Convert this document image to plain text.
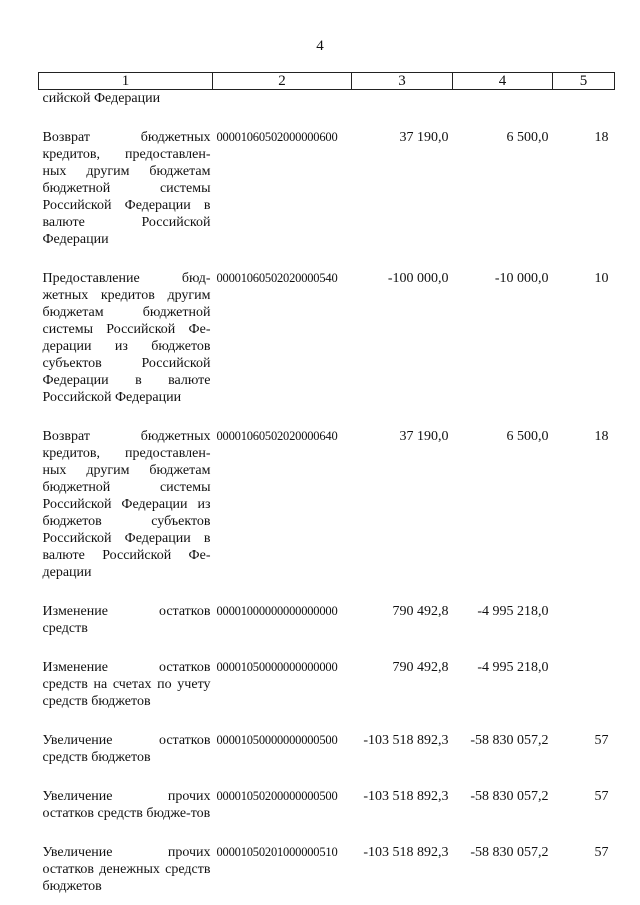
4
1	2	3	4	5
сийской Федерации				

Возврат бюджетных кредитов, предоставлен-ных другим бюджетам бюджетной системы Российской Федерации в валюте Российской Федерации	00001060502000000600	37 190,0	6 500,0	18

Предоставление бюд-жетных кредитов другим бюджетам бюджетной системы Российской Фе-дерации из бюджетов субъектов Российской Федерации в валюте Российской Федерации	00001060502020000540	-100 000,0	-10 000,0	10

Возврат бюджетных кредитов, предоставлен-ных другим бюджетам бюджетной системы Российской Федерации из бюджетов субъектов Российской Федерации в валюте Российской Фе-дерации	00001060502020000640	37 190,0	6 500,0	18

Изменение остатков средств	00001000000000000000	790 492,8	-4 995 218,0	

Изменение остатков средств на счетах по учету средств бюджетов	00001050000000000000	790 492,8	-4 995 218,0	

Увеличение остатков средств бюджетов	00001050000000000500	-103 518 892,3	-58 830 057,2	57

Увеличение прочих остатков средств бюдже-тов	00001050200000000500	-103 518 892,3	-58 830 057,2	57

Увеличение прочих остатков денежных средств бюджетов	00001050201000000510	-103 518 892,3	-58 830 057,2	57
